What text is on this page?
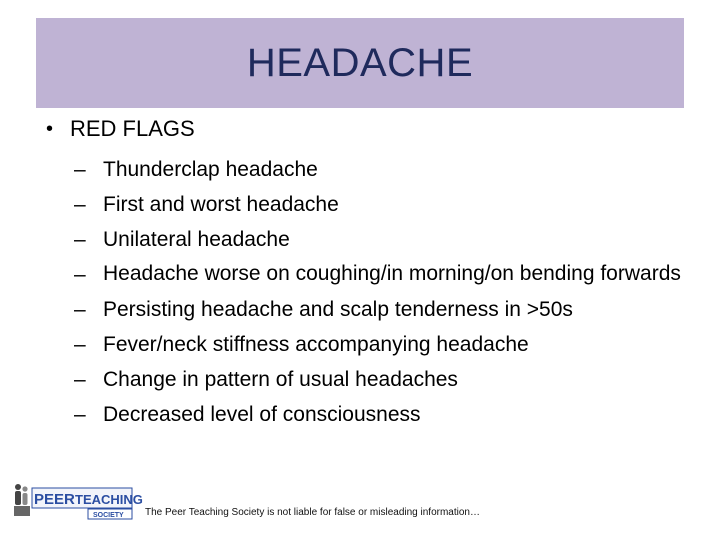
HEADACHE
• RED FLAGS
– Thunderclap headache
– First and worst headache
– Unilateral headache
– Headache worse on coughing/in morning/on bending forwards
– Persisting headache and scalp tenderness in >50s
– Fever/neck stiffness accompanying headache
– Change in pattern of usual headaches
– Decreased level of consciousness
PEER TEACHING
SOCIETY The Peer Teaching Society is not liable for false or misleading information…
